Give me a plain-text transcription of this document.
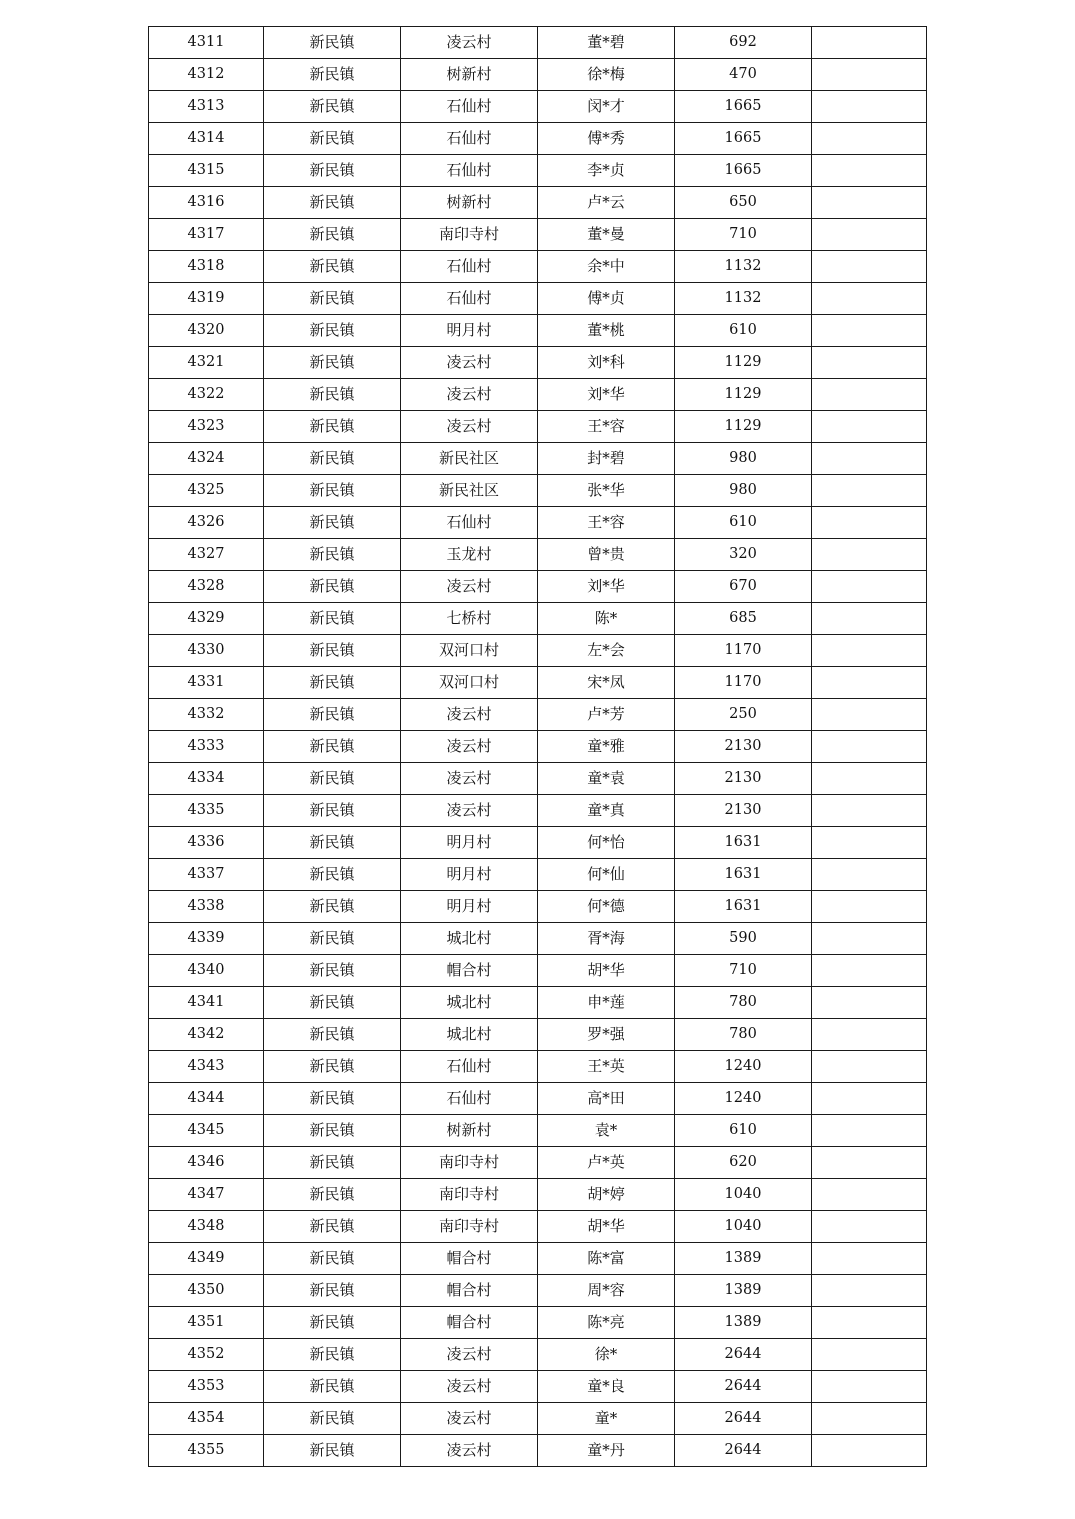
4311	新民镇	凌云村	董*碧	692	
4312	新民镇	树新村	徐*梅	470	
4313	新民镇	石仙村	闵*才	1665	
4314	新民镇	石仙村	傅*秀	1665	
4315	新民镇	石仙村	李*贞	1665	
4316	新民镇	树新村	卢*云	650	
4317	新民镇	南印寺村	董*曼	710	
4318	新民镇	石仙村	余*中	1132	
4319	新民镇	石仙村	傅*贞	1132	
4320	新民镇	明月村	董*桃	610	
4321	新民镇	凌云村	刘*科	1129	
4322	新民镇	凌云村	刘*华	1129	
4323	新民镇	凌云村	王*容	1129	
4324	新民镇	新民社区	封*碧	980	
4325	新民镇	新民社区	张*华	980	
4326	新民镇	石仙村	王*容	610	
4327	新民镇	玉龙村	曾*贵	320	
4328	新民镇	凌云村	刘*华	670	
4329	新民镇	七桥村	陈*	685	
4330	新民镇	双河口村	左*会	1170	
4331	新民镇	双河口村	宋*凤	1170	
4332	新民镇	凌云村	卢*芳	250	
4333	新民镇	凌云村	童*雅	2130	
4334	新民镇	凌云村	童*袁	2130	
4335	新民镇	凌云村	童*真	2130	
4336	新民镇	明月村	何*怡	1631	
4337	新民镇	明月村	何*仙	1631	
4338	新民镇	明月村	何*德	1631	
4339	新民镇	城北村	胥*海	590	
4340	新民镇	帽合村	胡*华	710	
4341	新民镇	城北村	申*莲	780	
4342	新民镇	城北村	罗*强	780	
4343	新民镇	石仙村	王*英	1240	
4344	新民镇	石仙村	高*田	1240	
4345	新民镇	树新村	袁*	610	
4346	新民镇	南印寺村	卢*英	620	
4347	新民镇	南印寺村	胡*婷	1040	
4348	新民镇	南印寺村	胡*华	1040	
4349	新民镇	帽合村	陈*富	1389	
4350	新民镇	帽合村	周*容	1389	
4351	新民镇	帽合村	陈*亮	1389	
4352	新民镇	凌云村	徐*	2644	
4353	新民镇	凌云村	童*良	2644	
4354	新民镇	凌云村	童*	2644	
4355	新民镇	凌云村	童*丹	2644	
